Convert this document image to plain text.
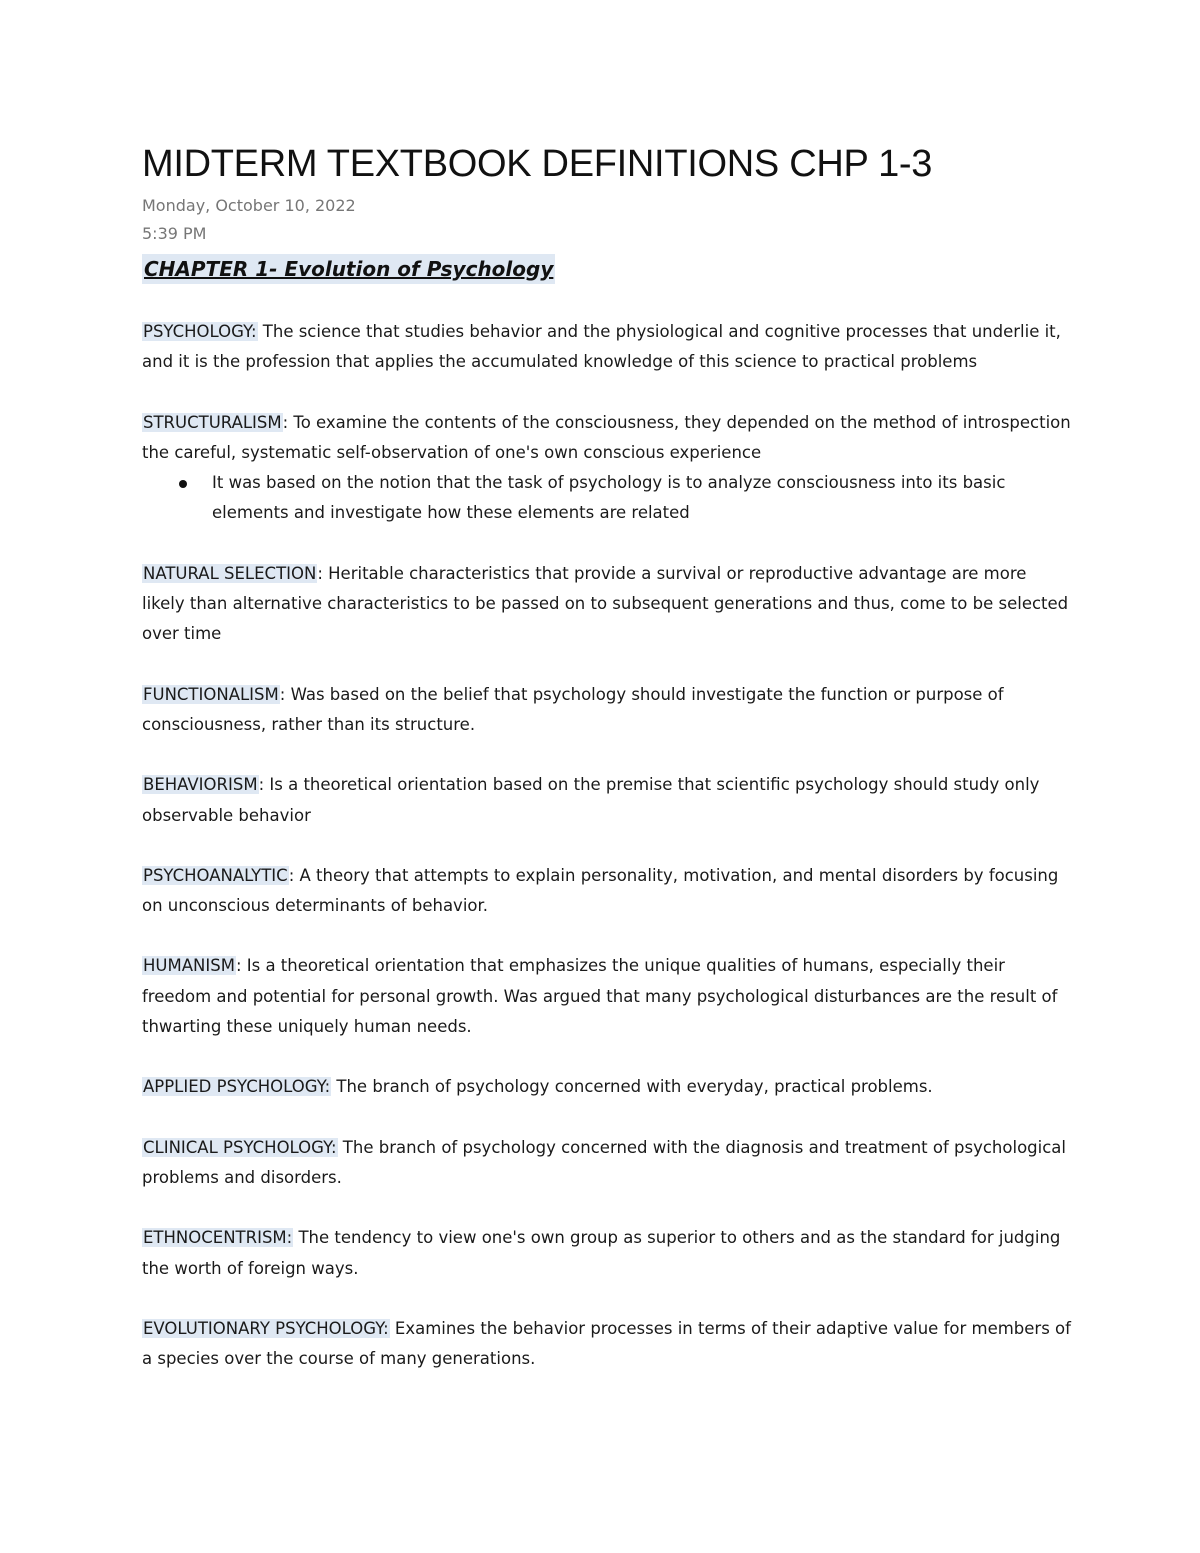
MIDTERM TEXTBOOK DEFINITIONS CHP 1-3

Monday, October 10, 2022

5:39 PM

CHAPTER 1- Evolution of Psychology

PSYCHOLOGY: The science that studies behavior and the physiological and cognitive processes that underlie it, and it is the profession that applies the accumulated knowledge of this science to practical problems

STRUCTURALISM: To examine the contents of the consciousness, they depended on the method of introspection the careful, systematic self-observation of one's own conscious experience

It was based on the notion that the task of psychology is to analyze consciousness into its basic elements and investigate how these elements are related

NATURAL SELECTION: Heritable characteristics that provide a survival or reproductive advantage are more likely than alternative characteristics to be passed on to subsequent generations and thus, come to be selected over time

FUNCTIONALISM: Was based on the belief that psychology should investigate the function or purpose of consciousness, rather than its structure.

BEHAVIORISM: Is a theoretical orientation based on the premise that scientific psychology should study only observable behavior

PSYCHOANALYTIC: A theory that attempts to explain personality, motivation, and mental disorders by focusing on unconscious determinants of behavior.

HUMANISM: Is a theoretical orientation that emphasizes the unique qualities of humans, especially their freedom and potential for personal growth. Was argued that many psychological disturbances are the result of thwarting these uniquely human needs.

APPLIED PSYCHOLOGY: The branch of psychology concerned with everyday, practical problems.

CLINICAL PSYCHOLOGY: The branch of psychology concerned with the diagnosis and treatment of psychological problems and disorders.

ETHNOCENTRISM: The tendency to view one's own group as superior to others and as the standard for judging the worth of foreign ways.

EVOLUTIONARY PSYCHOLOGY: Examines the behavior processes in terms of their adaptive value for members of a species over the course of many generations.
